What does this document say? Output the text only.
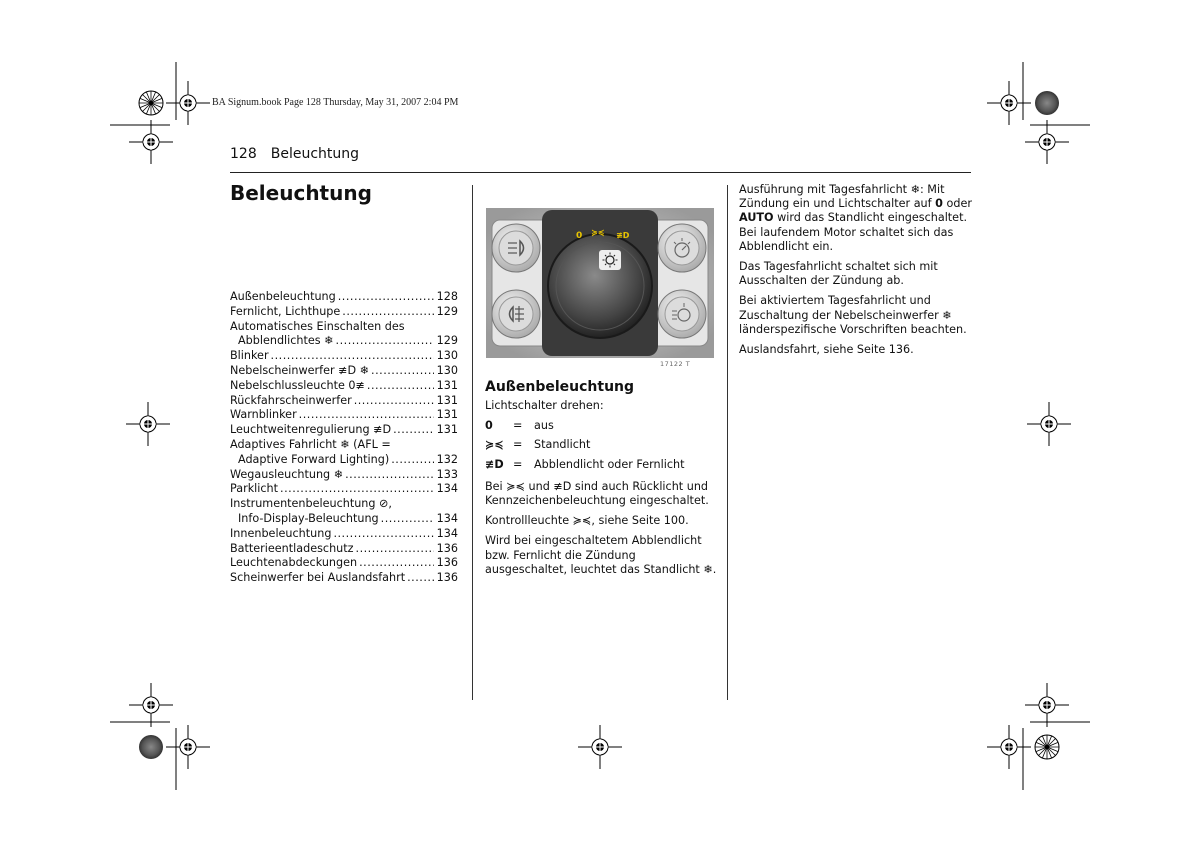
BA Signum.book Page 128 Thursday, May 31, 2007 2:04 PM
128 Beleuchtung
Beleuchtung
Außenbeleuchtung .....	128
Fernlicht, Lichthupe .....	129
Automatisches Einschalten des
Abblendlichtes ❄ .....	129
Blinker .....	130
Nebelscheinwerfer ≢D ❄ .....	130
Nebelschlussleuchte 0≢ .....	131
Rückfahrscheinwerfer .....	131
Warnblinker .....	131
Leuchtweitenregulierung ≢D .....	131
Adaptives Fahrlicht ❄ (AFL =
Adaptive Forward Lighting) .....	132
Wegausleuchtung ❄ .....	133
Parklicht .....	134
Instrumentenbeleuchtung ⊘,
Info-Display-Beleuchtung .....	134
Innenbeleuchtung .....	134
Batterieentladeschutz .....	136
Leuchtenabdeckungen .....	136
Scheinwerfer bei Auslandsfahrt .....	136
0 ≽≼ ≢D
17122 T
Außenbeleuchtung

Lichtschalter drehen:

0	=	aus
≽≼ =	Standlicht
≢D =	Abblendlicht oder Fernlicht

Bei ≽≼ und ≢D sind auch Rücklicht und Kennzeichenbeleuchtung eingeschaltet.

Kontrollleuchte ≽≼, siehe Seite 100.

Wird bei eingeschaltetem Abblendlicht bzw. Fernlicht die Zündung ausgeschaltet, leuchtet das Standlicht ❄.

Ausführung mit Tagesfahrlicht ❄: Mit Zündung ein und Lichtschalter auf 0 oder AUTO wird das Standlicht eingeschaltet. Bei laufendem Motor schaltet sich das Abblendlicht ein.

Das Tagesfahrlicht schaltet sich mit Ausschalten der Zündung ab.

Bei aktiviertem Tagesfahrlicht und Zuschaltung der Nebelscheinwerfer ❄ länderspezifische Vorschriften beachten.

Auslandsfahrt, siehe Seite 136.
